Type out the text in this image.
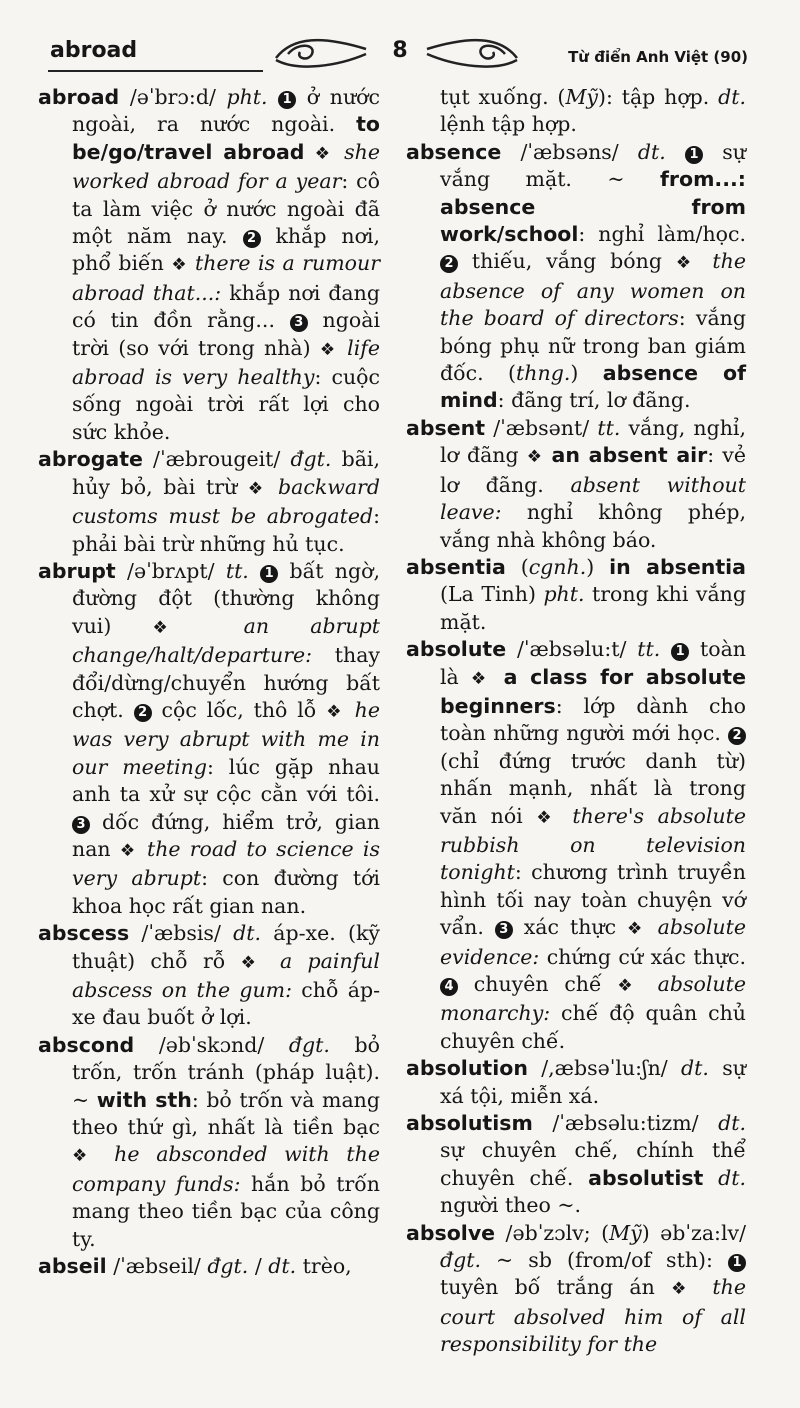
abroad	8	Từ điển Anh Việt (90)
abroad /əˈbrɔ:d/ pht. 1 ở nước ngoài, ra nước ngoài. to be/go/travel abroad ❖ she worked abroad for a year: cô ta làm việc ở nước ngoài đã một năm nay. 2 khắp nơi, phổ biến ❖ there is a rumour abroad that...: khắp nơi đang có tin đồn rằng... 3 ngoài trời (so với trong nhà) ❖ life abroad is very healthy: cuộc sống ngoài trời rất lợi cho sức khỏe.
abrogate /ˈæbrougeit/ đgt. bãi, hủy bỏ, bài trừ ❖ backward customs must be abrogated: phải bài trừ những hủ tục.
abrupt /əˈbrʌpt/ tt. 1 bất ngờ, đường đột (thường không vui) ❖ an abrupt change/halt/departure: thay đổi/dừng/chuyển hướng bất chợt. 2 cộc lốc, thô lỗ ❖ he was very abrupt with me in our meeting: lúc gặp nhau anh ta xử sự cộc cằn với tôi. 3 dốc đứng, hiểm trở, gian nan ❖ the road to science is very abrupt: con đường tới khoa học rất gian nan.
abscess /ˈæbsis/ dt. áp-xe. (kỹ thuật) chỗ rỗ ❖ a painful abscess on the gum: chỗ áp-xe đau buốt ở lợi.
abscond /əbˈskɔnd/ đgt. bỏ trốn, trốn tránh (pháp luật). ~ with sth: bỏ trốn và mang theo thứ gì, nhất là tiền bạc ❖ he absconded with the company funds: hắn bỏ trốn mang theo tiền bạc của công ty.
abseil /ˈæbseil/ đgt. / dt. trèo,
tụt xuống. (Mỹ): tập hợp. dt. lệnh tập hợp.
absence /ˈæbsəns/ dt. 1 sự vắng mặt. ~ from...: absence from work/school: nghỉ làm/học. 2 thiếu, vắng bóng ❖ the absence of any women on the board of directors: vắng bóng phụ nữ trong ban giám đốc. (thng.) absence of mind: đãng trí, lơ đãng.
absent /ˈæbsənt/ tt. vắng, nghỉ, lơ đãng ❖ an absent air: vẻ lơ đãng. absent without leave: nghỉ không phép, vắng nhà không báo.
absentia (cgnh.) in absentia (La Tinh) pht. trong khi vắng mặt.
absolute /ˈæbsəlu:t/ tt. 1 toàn là ❖ a class for absolute beginners: lớp dành cho toàn những người mới học. 2 (chỉ đứng trước danh từ) nhấn mạnh, nhất là trong văn nói ❖ there's absolute rubbish on television tonight: chương trình truyền hình tối nay toàn chuyện vớ vẩn. 3 xác thực ❖ absolute evidence: chứng cứ xác thực. 4 chuyên chế ❖ absolute monarchy: chế độ quân chủ chuyên chế.
absolution /,æbsəˈlu:ʃn/ dt. sự xá tội, miễn xá.
absolutism /ˈæbsəlu:tizm/ dt. sự chuyên chế, chính thể chuyên chế. absolutist dt. người theo ~.
absolve /əbˈzɔlv; (Mỹ) əbˈza:lv/ đgt. ~ sb (from/of sth): 1 tuyên bố trắng án ❖ the court absolved him of all responsibility for the
